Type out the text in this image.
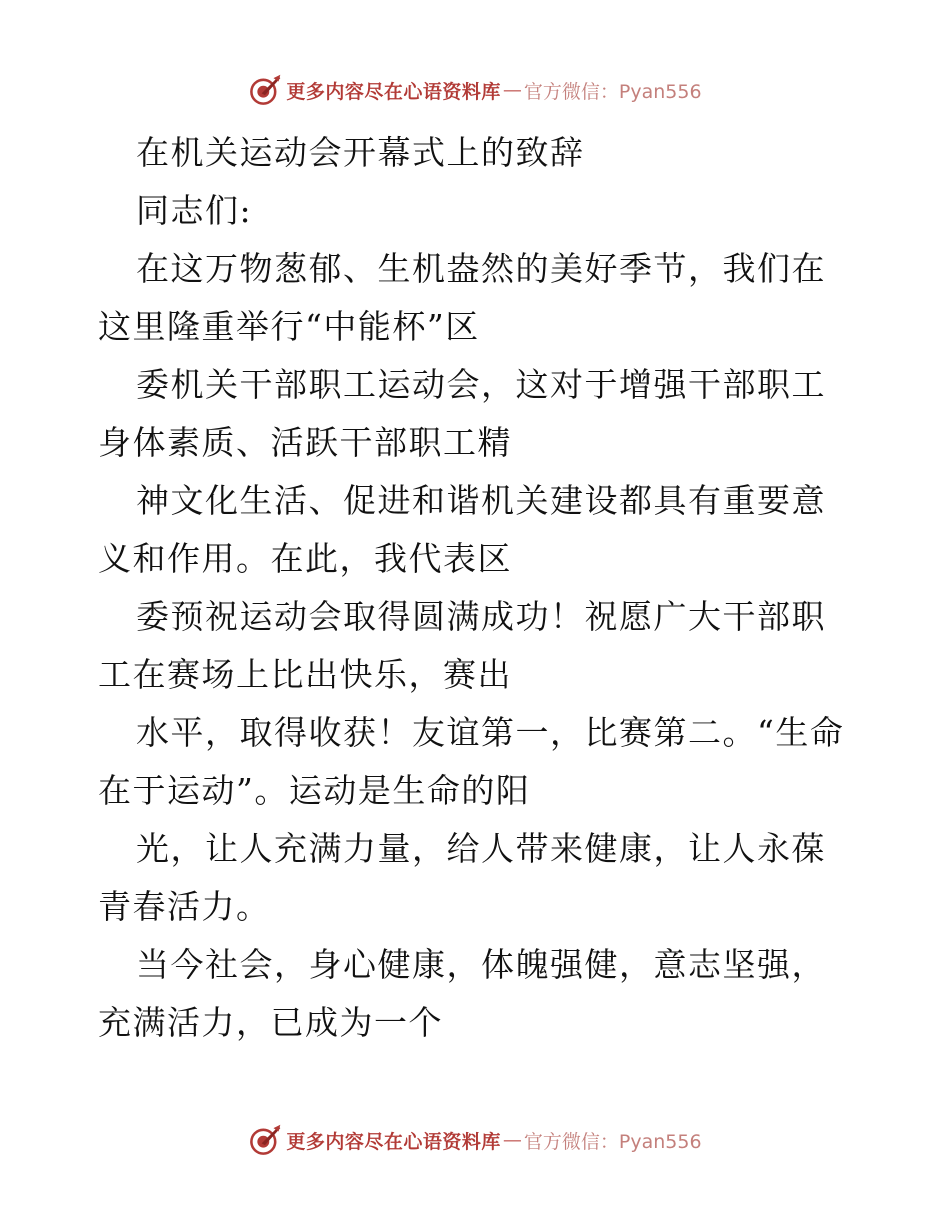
更多内容尽在心语资料库 — 官方微信：Pyan556

在机关运动会开幕式上的致辞

同志们:

在这万物葱郁、生机盎然的美好季节，我们在这里隆重举行“中能杯”区

委机关干部职工运动会，这对于增强干部职工身体素质、活跃干部职工精

神文化生活、促进和谐机关建设都具有重要意义和作用。在此，我代表区

委预祝运动会取得圆满成功！祝愿广大干部职工在赛场上比出快乐，赛出

水平，取得收获！友谊第一，比赛第二。“生命在于运动”。运动是生命的阳

光，让人充满力量，给人带来健康，让人永葆青春活力。

当今社会，身心健康，体魄强健，意志坚强，充满活力，已成为一个

更多内容尽在心语资料库 — 官方微信：Pyan556
